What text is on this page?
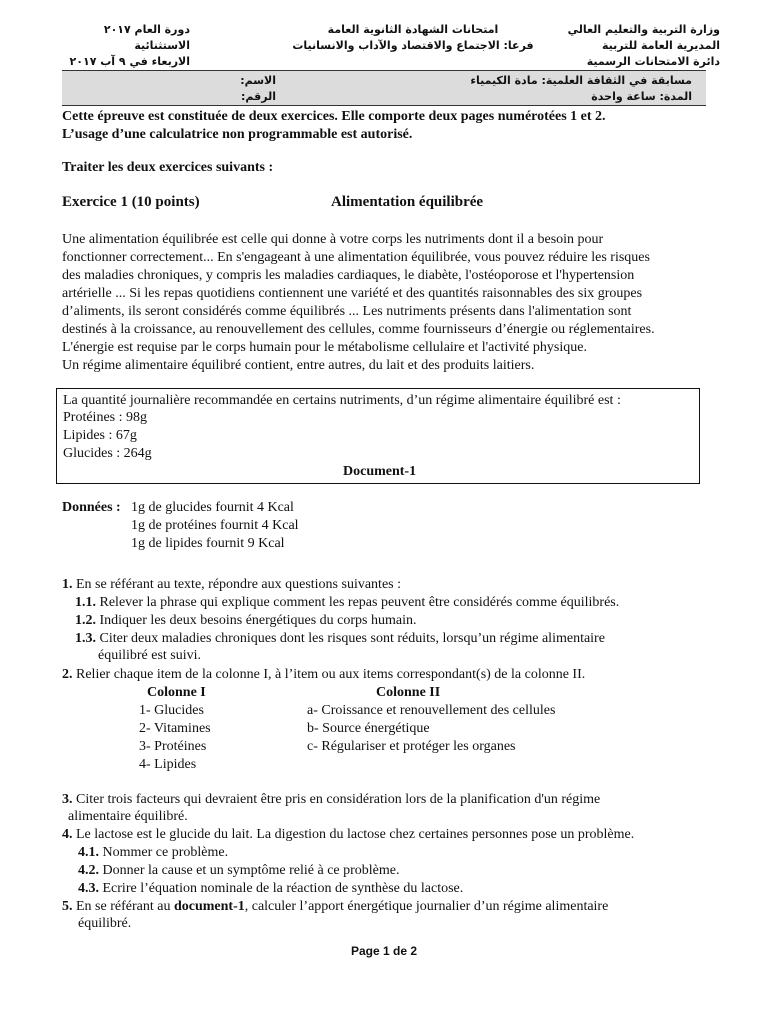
وزارة التربية والتعليم العالي
المديرية العامة للتربية
دائرة الامتحانات الرسمية
امتحانات الشهادة الثانوية العامة
فرعا: الاجتماع والاقتصاد والآداب والانسانيات
دورة العام ٢٠١٧ الاستثنائية
الاربعاء في ٩ آب ٢٠١٧
مسابقة في الثقافة العلمية: مادة الكيمياء
المدة: ساعة واحدة
الاسم:
الرقم:
Cette épreuve est constituée de deux exercices. Elle comporte deux pages numérotées 1 et 2.
L’usage d’une calculatrice non programmable est autorisé.
Traiter les deux exercices suivants :
Exercice 1 (10 points)	Alimentation équilibrée
Une alimentation équilibrée est celle qui donne à votre corps les nutriments dont il a besoin pour
fonctionner correctement... En s'engageant à une alimentation équilibrée, vous pouvez réduire les risques
des maladies chroniques, y compris les maladies cardiaques, le diabète, l'ostéoporose et l'hypertension
artérielle ... Si les repas quotidiens contiennent une variété et des quantités raisonnables des six groupes
d’aliments, ils seront considérés comme équilibrés ... Les nutriments présents dans l'alimentation sont
destinés à la croissance, au renouvellement des cellules, comme fournisseurs d’énergie ou réglementaires.
L'énergie est requise par le corps humain pour le métabolisme cellulaire et l'activité physique.
Un régime alimentaire équilibré contient, entre autres, du lait et des produits laitiers.
La quantité journalière recommandée en certains nutriments, d’un régime alimentaire équilibré est :
Protéines : 98g
Lipides : 67g
Glucides : 264g
Document-1
Données : 1g de glucides fournit 4 Kcal
1g de protéines fournit 4 Kcal
1g de lipides fournit 9 Kcal
1. En se référant au texte, répondre aux questions suivantes :
1.1. Relever la phrase qui explique comment les repas peuvent être considérés comme équilibrés.
1.2. Indiquer les deux besoins énergétiques du corps humain.
1.3. Citer deux maladies chroniques dont les risques sont réduits, lorsqu’un régime alimentaire
équilibré est suivi.
2. Relier chaque item de la colonne I, à l’item ou aux items correspondant(s) de la colonne II.
Colonne I	Colonne II
1- Glucides
2- Vitamines
3- Protéines
4- Lipides
a- Croissance et renouvellement des cellules
b- Source énergétique
c- Régulariser et protéger les organes
3. Citer trois facteurs qui devraient être pris en considération lors de la planification d'un régime
alimentaire équilibré.
4. Le lactose est le glucide du lait. La digestion du lactose chez certaines personnes pose un problème.
4.1. Nommer ce problème.
4.2. Donner la cause et un symptôme relié à ce problème.
4.3. Ecrire l’équation nominale de la réaction de synthèse du lactose.
5. En se référant au document-1, calculer l’apport énergétique journalier d’un régime alimentaire
équilibré.
Page 1 de 2
